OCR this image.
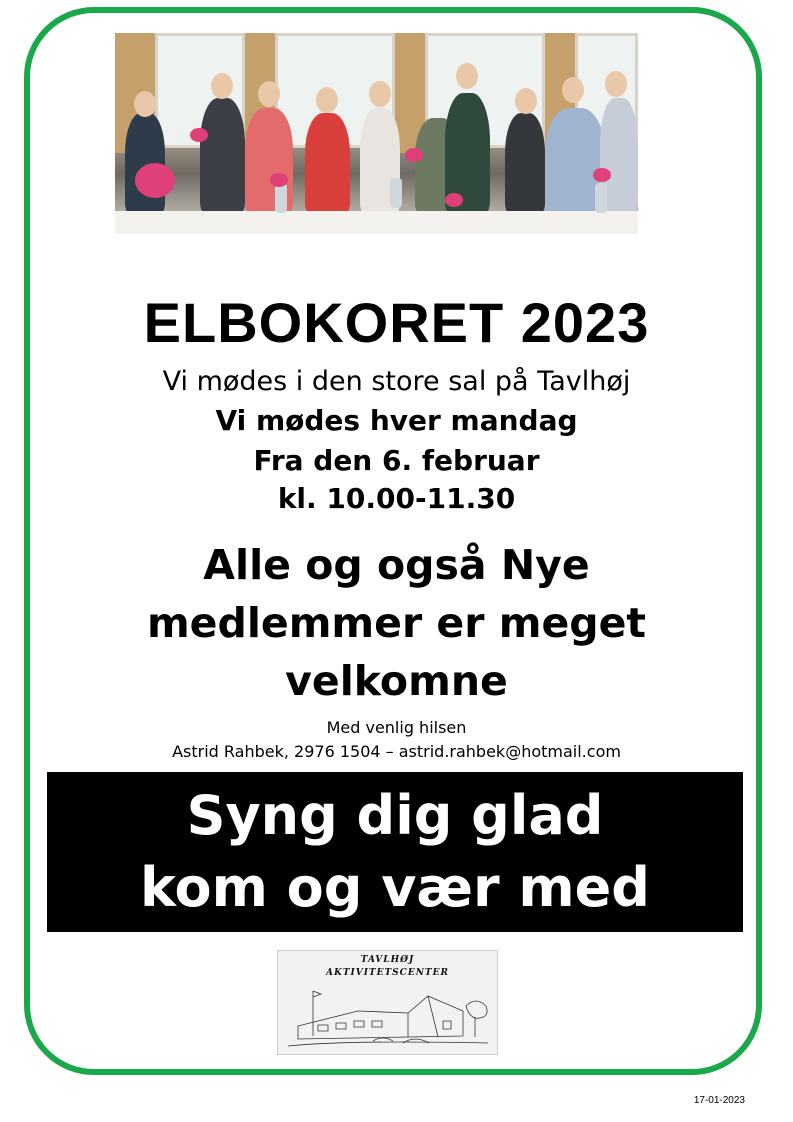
ELBOKORET 2023
Vi mødes i den store sal på Tavlhøj
Vi mødes hver mandag
Fra den 6. februar
kl. 10.00-11.30
Alle og også Nye
medlemmer er meget
velkomne
Med venlig hilsen
Astrid Rahbek, 2976 1504 – astrid.rahbek@hotmail.com
Syng dig glad
kom og vær med
TAVLHØJ
AKTIVITETSCENTER
17-01-2023
